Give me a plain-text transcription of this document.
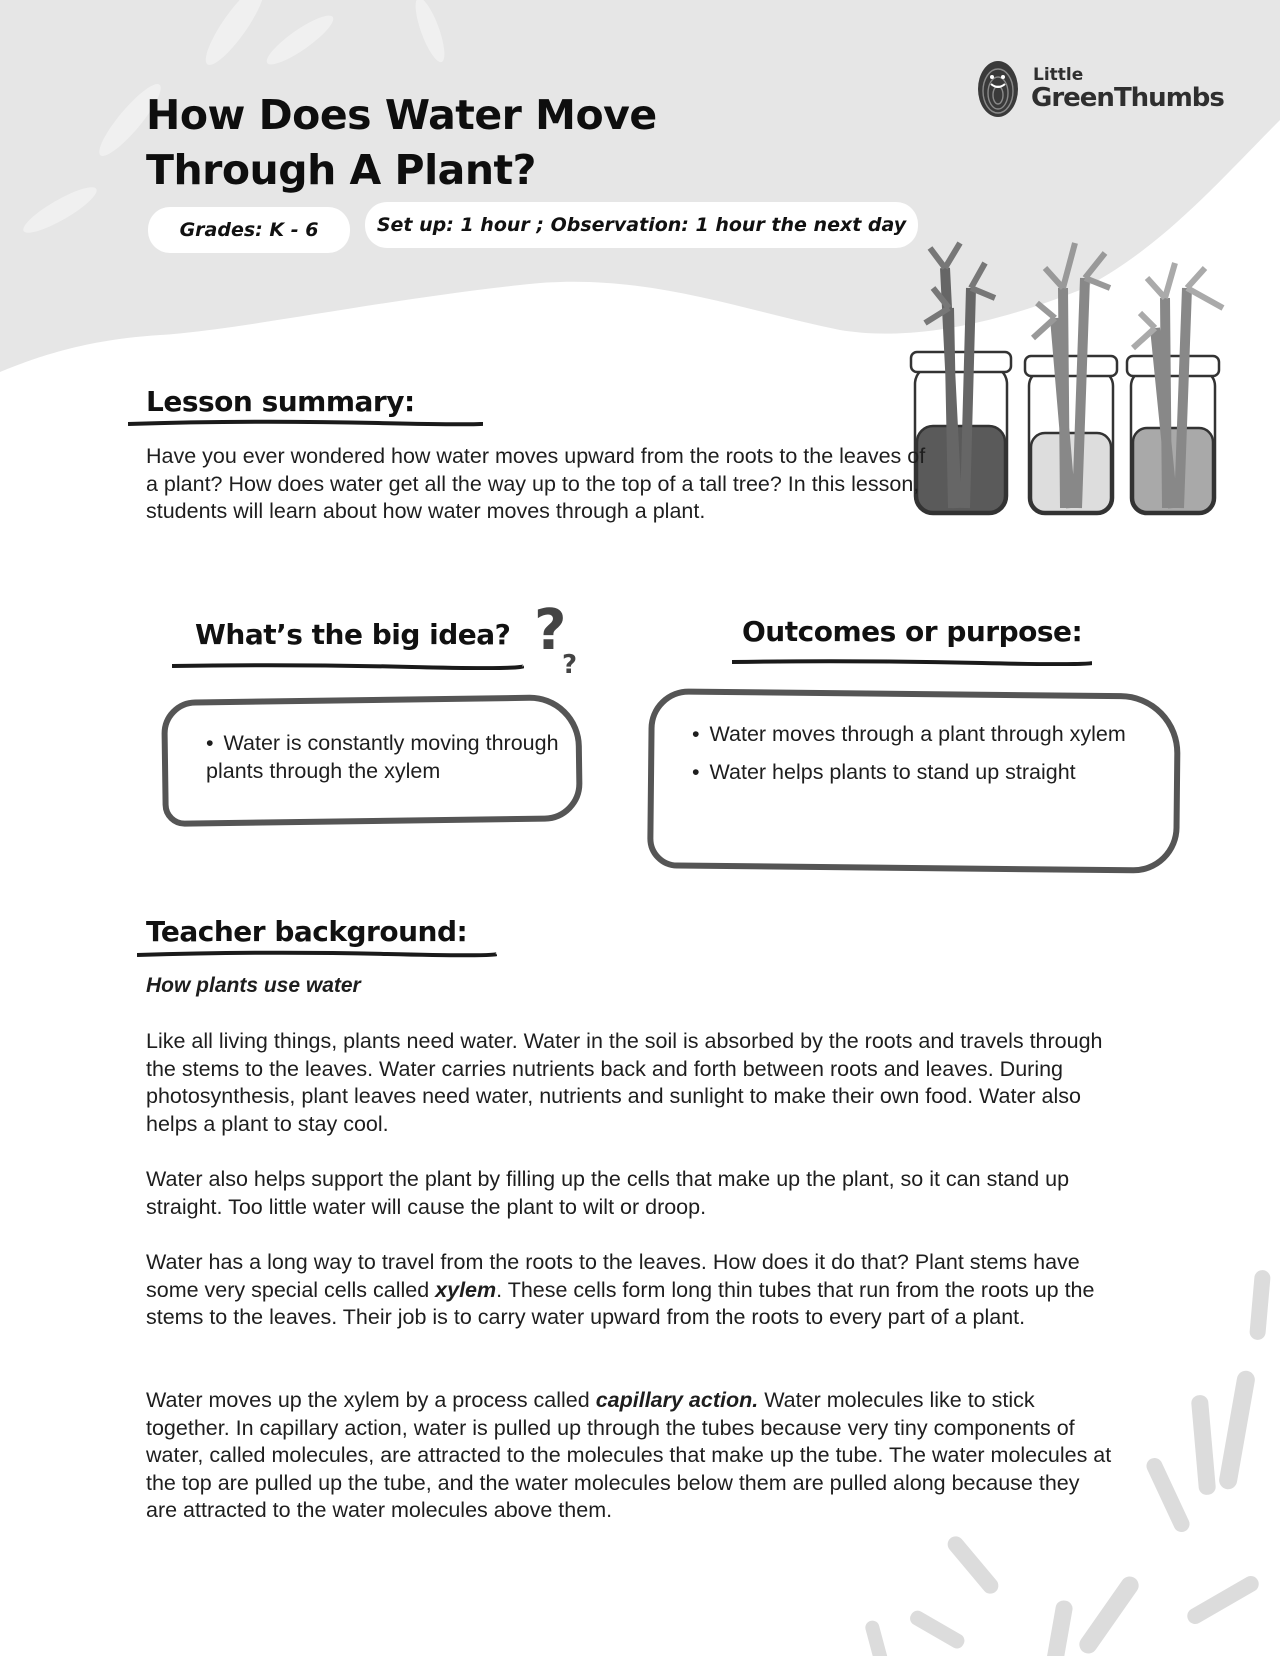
How Does Water Move
Through A Plant?
Grades: K - 6	Set up: 1 hour ; Observation: 1 hour the next day
Little
GreenThumbs
Lesson summary:

Have you ever wondered how water moves upward from the roots to the leaves of a plant? How does water get all the way up to the top of a tall tree? In this lesson, students will learn about how water moves through a plant.

What’s the big idea? ?
?
• Water is constantly moving through plants through the xylem
Outcomes or purpose:
• Water moves through a plant through xylem
• Water helps plants to stand up straight
Teacher background:

How plants use water

Like all living things, plants need water. Water in the soil is absorbed by the roots and travels through the stems to the leaves. Water carries nutrients back and forth between roots and leaves. During photosynthesis, plant leaves need water, nutrients and sunlight to make their own food. Water also helps a plant to stay cool.

Water also helps support the plant by filling up the cells that make up the plant, so it can stand up straight. Too little water will cause the plant to wilt or droop.

Water has a long way to travel from the roots to the leaves. How does it do that? Plant stems have some very special cells called xylem. These cells form long thin tubes that run from the roots up the stems to the leaves. Their job is to carry water upward from the roots to every part of a plant.

Water moves up the xylem by a process called capillary action. Water molecules like to stick together. In capillary action, water is pulled up through the tubes because very tiny components of water, called molecules, are attracted to the molecules that make up the tube. The water molecules at the top are pulled up the tube, and the water molecules below them are pulled along because they are attracted to the water molecules above them.
